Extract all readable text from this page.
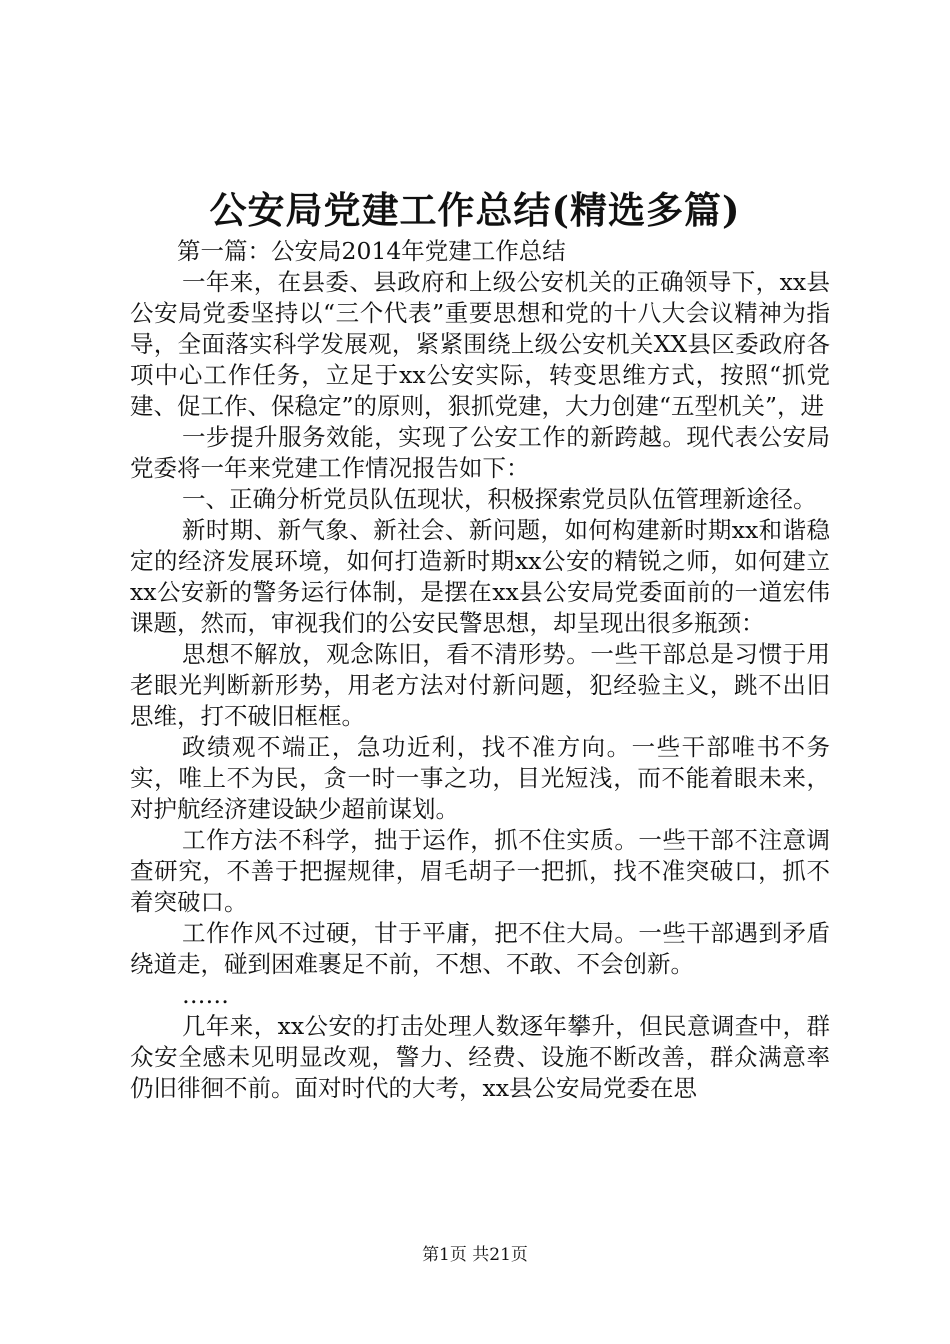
公安局党建工作总结(精选多篇)

第一篇：公安局2014年党建工作总结

一年来，在县委、县政府和上级公安机关的正确领导下，xx县公安局党委坚持以“三个代表”重要思想和党的十八大会议精神为指导，全面落实科学发展观，紧紧围绕上级公安机关XX县区委政府各项中心工作任务，立足于xx公安实际，转变思维方式，按照“抓党建、促工作、保稳定”的原则，狠抓党建，大力创建“五型机关”，进

一步提升服务效能，实现了公安工作的新跨越。现代表公安局党委将一年来党建工作情况报告如下：

一、正确分析党员队伍现状，积极探索党员队伍管理新途径。

新时期、新气象、新社会、新问题，如何构建新时期xx和谐稳定的经济发展环境，如何打造新时期xx公安的精锐之师，如何建立xx公安新的警务运行体制，是摆在xx县公安局党委面前的一道宏伟课题，然而，审视我们的公安民警思想，却呈现出很多瓶颈：

思想不解放，观念陈旧，看不清形势。一些干部总是习惯于用老眼光判断新形势，用老方法对付新问题，犯经验主义，跳不出旧思维，打不破旧框框。

政绩观不端正，急功近利，找不准方向。一些干部唯书不务实，唯上不为民，贪一时一事之功，目光短浅，而不能着眼未来，对护航经济建设缺少超前谋划。

工作方法不科学，拙于运作，抓不住实质。一些干部不注意调查研究，不善于把握规律，眉毛胡子一把抓，找不准突破口，抓不着突破口。

工作作风不过硬，甘于平庸，把不住大局。一些干部遇到矛盾绕道走，碰到困难裹足不前，不想、不敢、不会创新。

……

几年来，xx公安的打击处理人数逐年攀升，但民意调查中，群众安全感未见明显改观，警力、经费、设施不断改善，群众满意率仍旧徘徊不前。面对时代的大考，xx县公安局党委在思

第1页 共21页
